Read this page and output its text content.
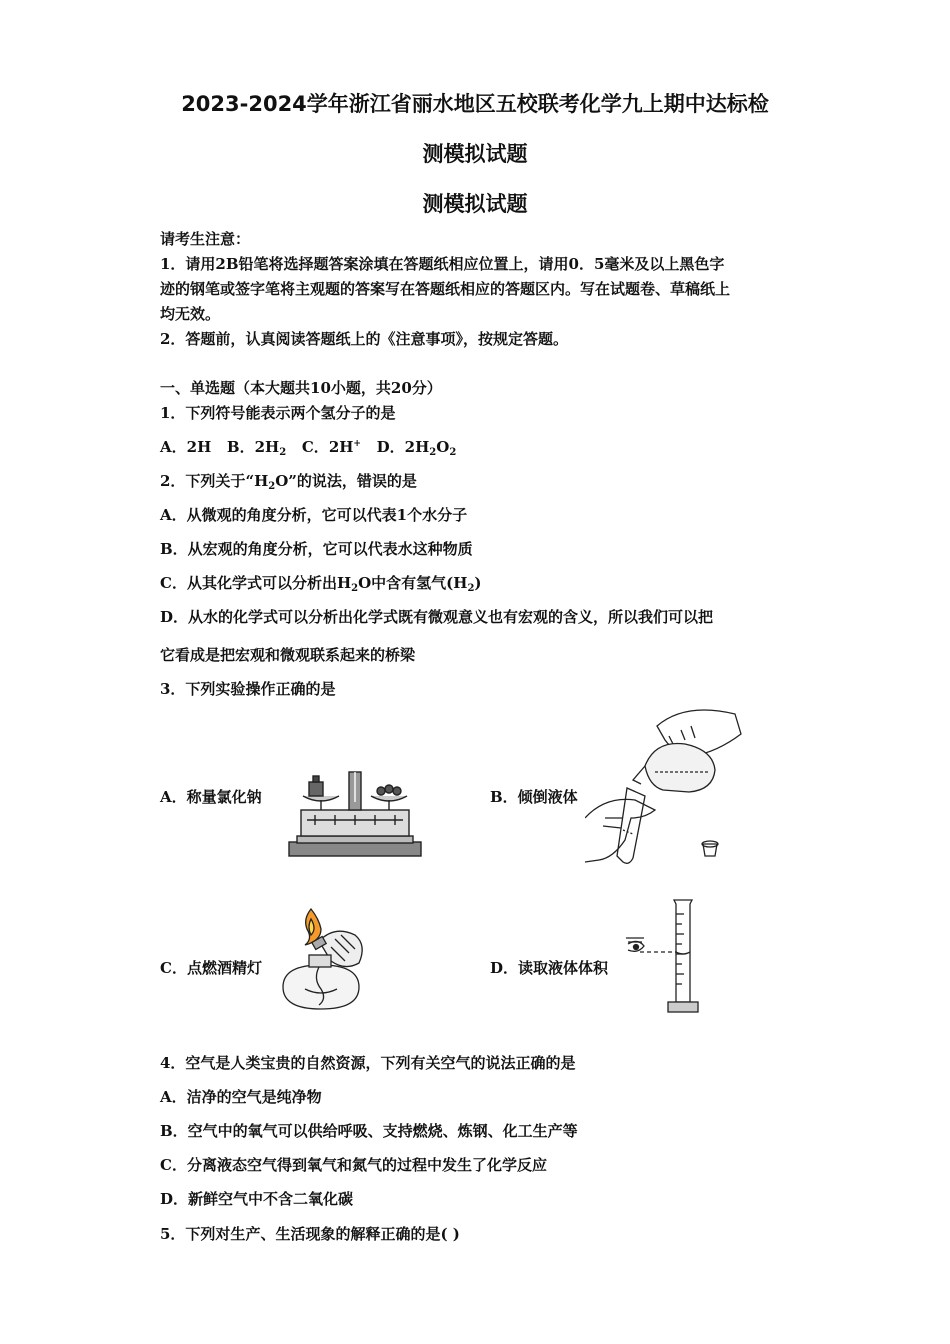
2023-2024学年浙江省丽水地区五校联考化学九上期中达标检
测模拟试题
测模拟试题
请考生注意：
1．请用2B铅笔将选择题答案涂填在答题纸相应位置上，请用0．5毫米及以上黑色字
迹的钢笔或签字笔将主观题的答案写在答题纸相应的答题区内。写在试题卷、草稿纸上
均无效。
2．答题前，认真阅读答题纸上的《注意事项》，按规定答题。
一、单选题（本大题共10小题，共20分）
1．下列符号能表示两个氢分子的是
A．2H B．$2H_2$ C．2H+ D．$2H_2O_2$
2．下列关于“$H_2O$”的说法，错误的是
A．从微观的角度分析，它可以代表1个水分子
B．从宏观的角度分析，它可以代表水这种物质
C．从其化学式可以分析出$H_2O$中含有氢气$(H_2)$
D．从水的化学式可以分析出化学式既有微观意义也有宏观的含义，所以我们可以把
它看成是把宏观和微观联系起来的桥梁
3．下列实验操作正确的是
A．称量氯化钠	B．倾倒液体
C．点燃酒精灯	D．读取液体体积
4．空气是人类宝贵的自然资源，下列有关空气的说法正确的是
A．洁净的空气是纯净物
B．空气中的氧气可以供给呼吸、支持燃烧、炼钢、化工生产等
C．分离液态空气得到氧气和氮气的过程中发生了化学反应
D．新鲜空气中不含二氧化碳
5．下列对生产、生活现象的解释正确的是( )
